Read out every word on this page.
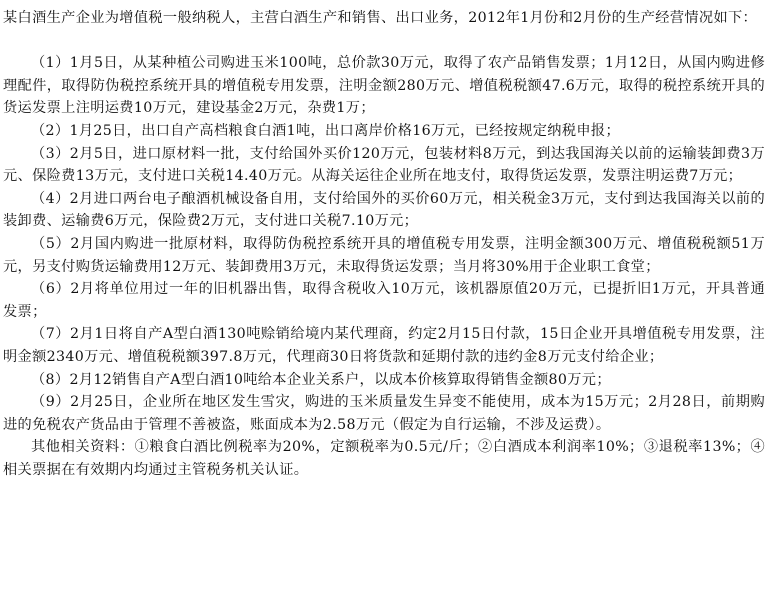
某白酒生产企业为增值税一般纳税人，主营白酒生产和销售、出口业务，2012年1月份和2月份的生产经营情况如下：

（1）1月5日，从某种植公司购进玉米100吨，总价款30万元，取得了农产品销售发票；1月12日，从国内购进修理配件，取得防伪税控系统开具的增值税专用发票，注明金额280万元、增值税税额47.6万元，取得的税控系统开具的货运发票上注明运费10万元，建设基金2万元，杂费1万；

（2）1月25日，出口自产高档粮食白酒1吨，出口离岸价格16万元，已经按规定纳税申报；

（3）2月5日，进口原材料一批，支付给国外买价120万元，包装材料8万元，到达我国海关以前的运输装卸费3万元、保险费13万元，支付进口关税14.40万元。从海关运往企业所在地支付，取得货运发票，发票注明运费7万元；

（4）2月进口两台电子酿酒机械设备自用，支付给国外的买价60万元，相关税金3万元，支付到达我国海关以前的装卸费、运输费6万元，保险费2万元，支付进口关税7.10万元；

（5）2月国内购进一批原材料，取得防伪税控系统开具的增值税专用发票，注明金额300万元、增值税税额51万元，另支付购货运输费用12万元、装卸费用3万元，未取得货运发票；当月将30%用于企业职工食堂；

（6）2月将单位用过一年的旧机器出售，取得含税收入10万元，该机器原值20万元，已提折旧1万元，开具普通发票；

（7）2月1日将自产A型白酒130吨赊销给境内某代理商，约定2月15日付款，15日企业开具增值税专用发票，注明金额2340万元、增值税税额397.8万元，代理商30日将货款和延期付款的违约金8万元支付给企业；

（8）2月12销售自产A型白酒10吨给本企业关系户，以成本价核算取得销售金额80万元；

（9）2月25日，企业所在地区发生雪灾，购进的玉米质量发生异变不能使用，成本为15万元；2月28日，前期购进的免税农产货品由于管理不善被盗，账面成本为2.58万元（假定为自行运输，不涉及运费）。

其他相关资料：①粮食白酒比例税率为20%，定额税率为0.5元/斤；②白酒成本利润率10%；③退税率13%；④相关票据在有效期内均通过主管税务机关认证。
